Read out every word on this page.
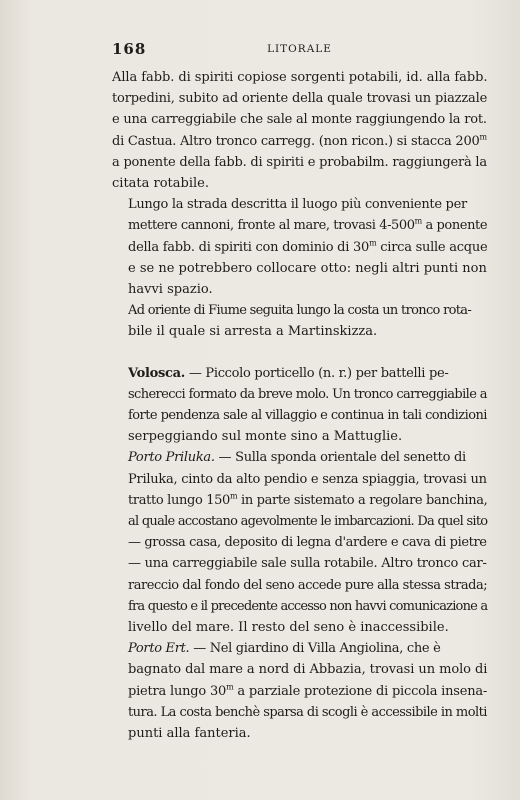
168	LITORALE

Alla fabb. di spiriti copiose sorgenti potabili, id. alla fabb.
torpedini, subito ad oriente della quale trovasi un piazzale
e una carreggiabile che sale al monte raggiungendo la rot.
di Castua. Altro tronco carregg. (non ricon.) si stacca 200$^m$
a ponente della fabb. di spiriti e probabilm. raggiungerà la
citata rotabile.

Lungo la strada descritta il luogo più conveniente per
mettere cannoni, fronte al mare, trovasi 4-500$^m$ a ponente
della fabb. di spiriti con dominio di 30$^m$ circa sulle acque
e se ne potrebbero collocare otto: negli altri punti non
havvi spazio.

Ad oriente di Fiume seguita lungo la costa un tronco rota-
bile il quale si arresta a Martinskizza.

Volosca. — Piccolo porticello (n. r.) per battelli pe-
scherecci formato da breve molo. Un tronco carreggiabile a
forte pendenza sale al villaggio e continua in tali condizioni
serpeggiando sul monte sino a Mattuglie.

Porto Priluka. — Sulla sponda orientale del senetto di
Priluka, cinto da alto pendio e senza spiaggia, trovasi un
tratto lungo 150$^m$ in parte sistemato a regolare banchina,
al quale accostano agevolmente le imbarcazioni. Da quel sito
— grossa casa, deposito di legna d'ardere e cava di pietre
— una carreggiabile sale sulla rotabile. Altro tronco car-
rareccio dal fondo del seno accede pure alla stessa strada;
fra questo e il precedente accesso non havvi comunicazione a
livello del mare. Il resto del seno è inaccessibile.

Porto Ert. — Nel giardino di Villa Angiolina, che è
bagnato dal mare a nord di Abbazia, trovasi un molo di
pietra lungo 30$^m$ a parziale protezione di piccola insena-
tura. La costa benchè sparsa di scogli è accessibile in molti
punti alla fanteria.
